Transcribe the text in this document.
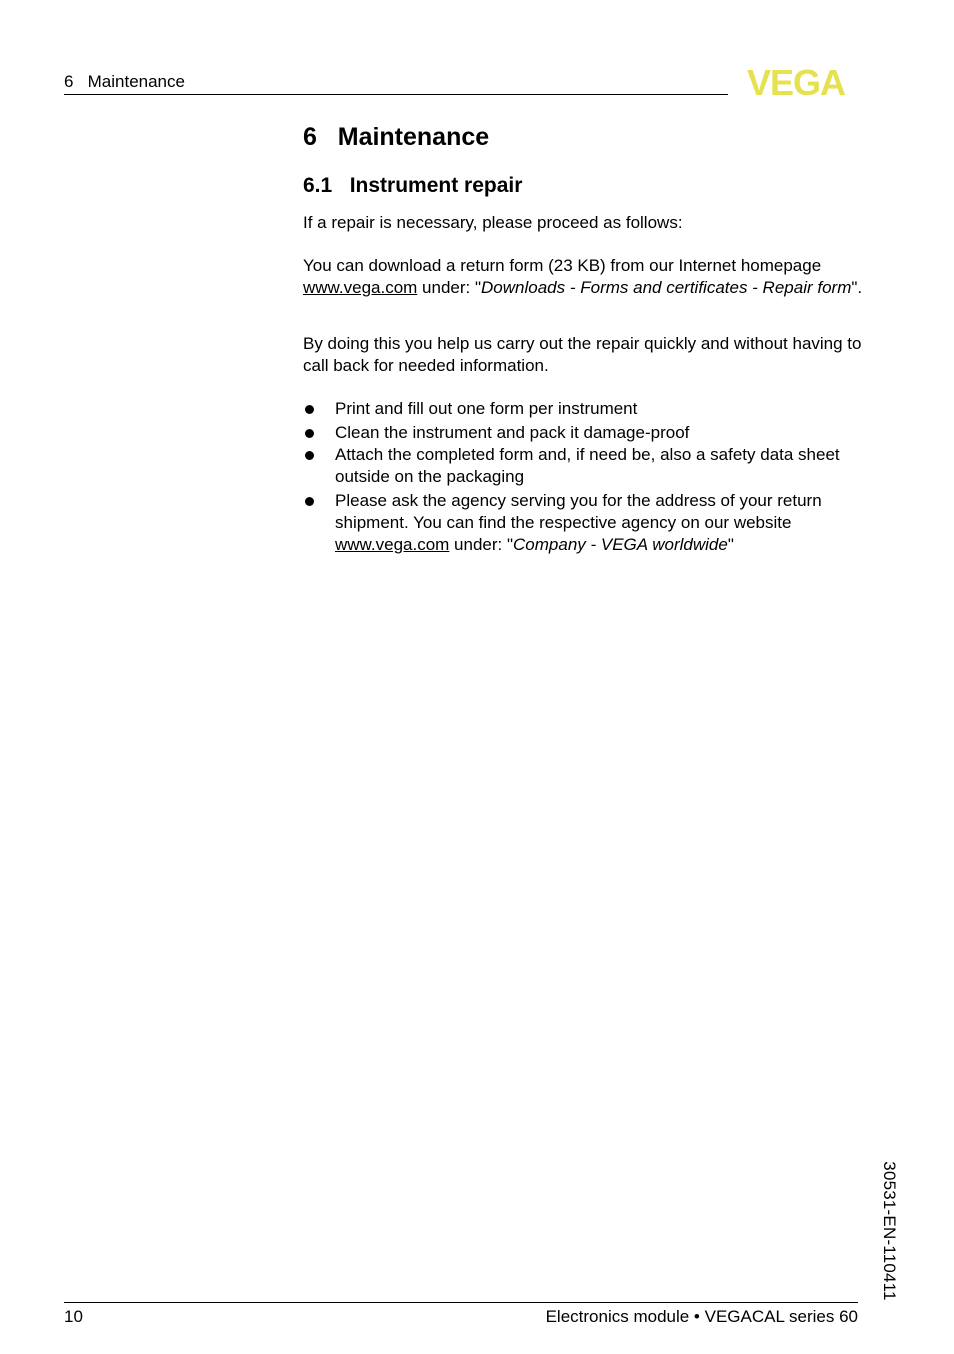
6   Maintenance	VEGA
6   Maintenance
6.1   Instrument repair
If a repair is necessary, please proceed as follows:
You can download a return form (23 KB) from our Internet homepage
www.vega.com under: "Downloads - Forms and certificates - Repair form".
By doing this you help us carry out the repair quickly and without having to call back for needed information.
Print and fill out one form per instrument
Clean the instrument and pack it damage-proof
Attach the completed form and, if need be, also a safety data sheet outside on the packaging
Please ask the agency serving you for the address of your return shipment. You can find the respective agency on our website www.vega.com under: "Company - VEGA worldwide"
30531-EN-110411
10	Electronics module • VEGACAL series 60
